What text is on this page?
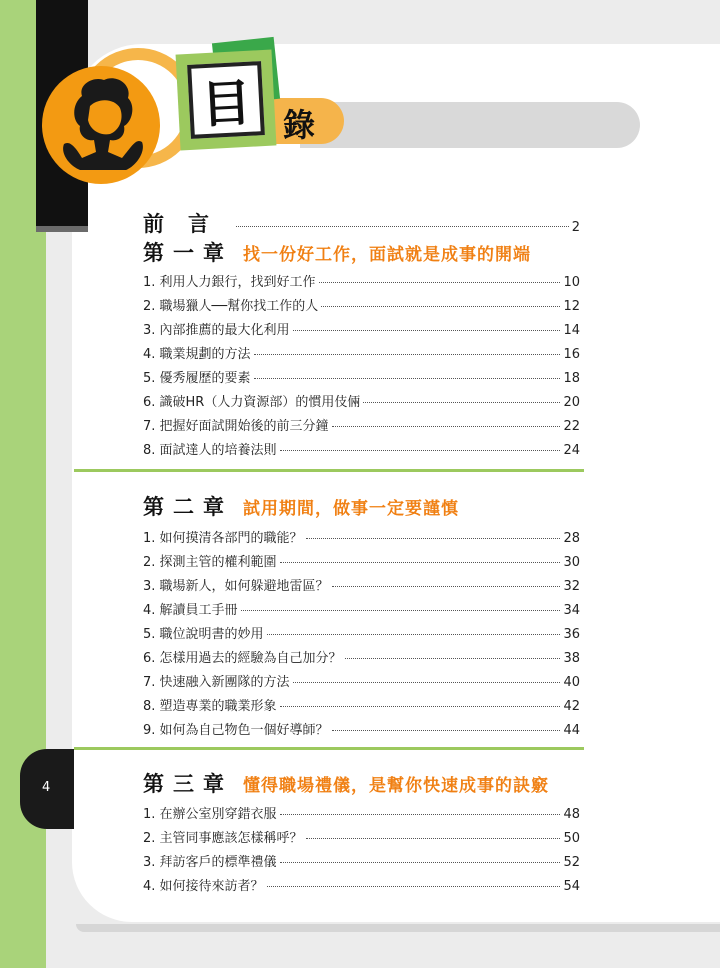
目 錄
前言	2
第一章 找一份好工作，面試就是成事的開端
1. 利用人力銀行，找到好工作	10
2. 職場獵人──幫你找工作的人	12
3. 內部推薦的最大化利用	14
4. 職業規劃的方法	16
5. 優秀履歷的要素	18
6. 識破HR（人力資源部）的慣用伎倆	20
7. 把握好面試開始後的前三分鐘	22
8. 面試達人的培養法則	24
第二章 試用期間，做事一定要謹慎
1. 如何摸清各部門的職能？	28
2. 探測主管的權利範圍	30
3. 職場新人，如何躲避地雷區？	32
4. 解讀員工手冊	34
5. 職位說明書的妙用	36
6. 怎樣用過去的經驗為自己加分？	38
7. 快速融入新團隊的方法	40
8. 塑造專業的職業形象	42
9. 如何為自己物色一個好導師？	44
第三章 懂得職場禮儀，是幫你快速成事的訣竅
1. 在辦公室別穿錯衣服	48
2. 主管同事應該怎樣稱呼？	50
3. 拜訪客戶的標準禮儀	52
4. 如何接待來訪者？	54
4
